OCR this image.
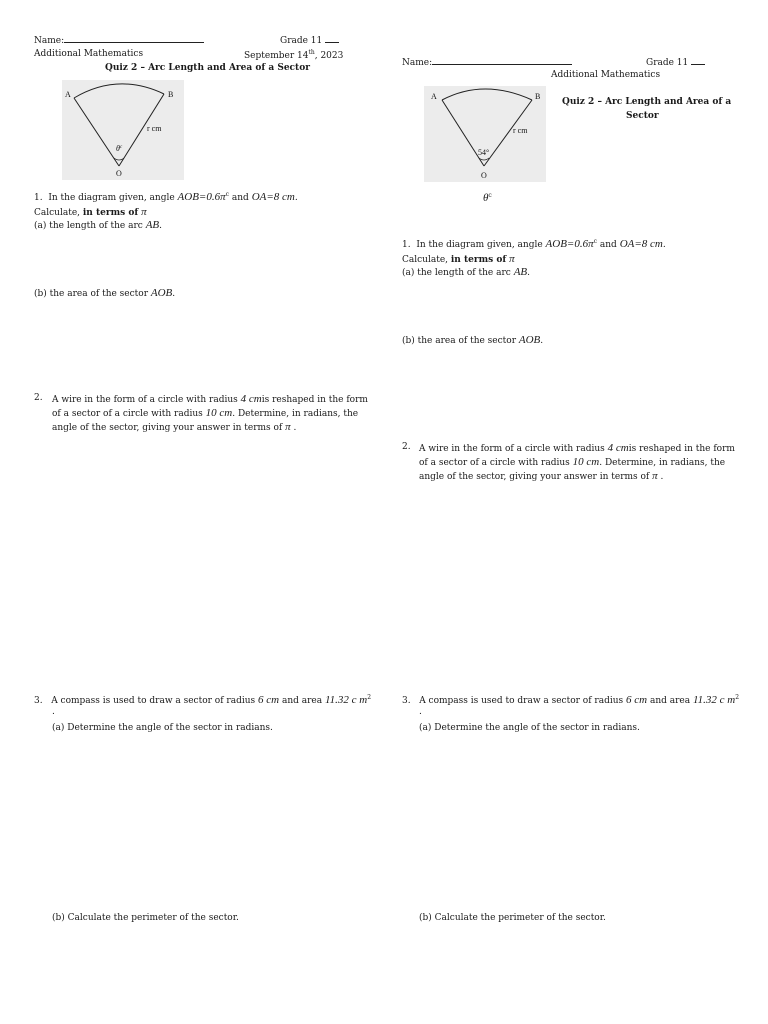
Name:	Grade 11
Additional Mathematics	September 14th, 2023
Quiz 2 – Arc Length and Area of a Sector
A	B
O
r cm
$\theta^c$
1. In the diagram given, angle $AOB=0.6\pi^c$ and OA=8 cm.
Calculate, in terms of π
(a) the length of the arc AB.
(b) the area of the sector AOB.
2. A wire in the form of a circle with radius 4 cmis reshaped in the form
of a sector of a circle with radius 10 cm. Determine, in radians, the
angle of the sector, giving your answer in terms of π .
3. A compass is used to draw a sector of radius 6 cm and area 11.32 c $m^2$
.
(a) Determine the angle of the sector in radians.
(b) Calculate the perimeter of the sector.
Name:	Grade 11
Additional Mathematics
A	B
O
r cm
54°
Quiz 2 – Arc Length and Area of a
Sector
$\theta^c$
1. In the diagram given, angle $AOB=0.6\pi^c$ and OA=8 cm.
Calculate, in terms of π
(a) the length of the arc AB.
(b) the area of the sector AOB.
2. A wire in the form of a circle with radius 4 cmis reshaped in the form
of a sector of a circle with radius 10 cm. Determine, in radians, the
angle of the sector, giving your answer in terms of π .
3. A compass is used to draw a sector of radius 6 cm and area 11.32 c $m^2$
.
(a) Determine the angle of the sector in radians.
(b) Calculate the perimeter of the sector.
